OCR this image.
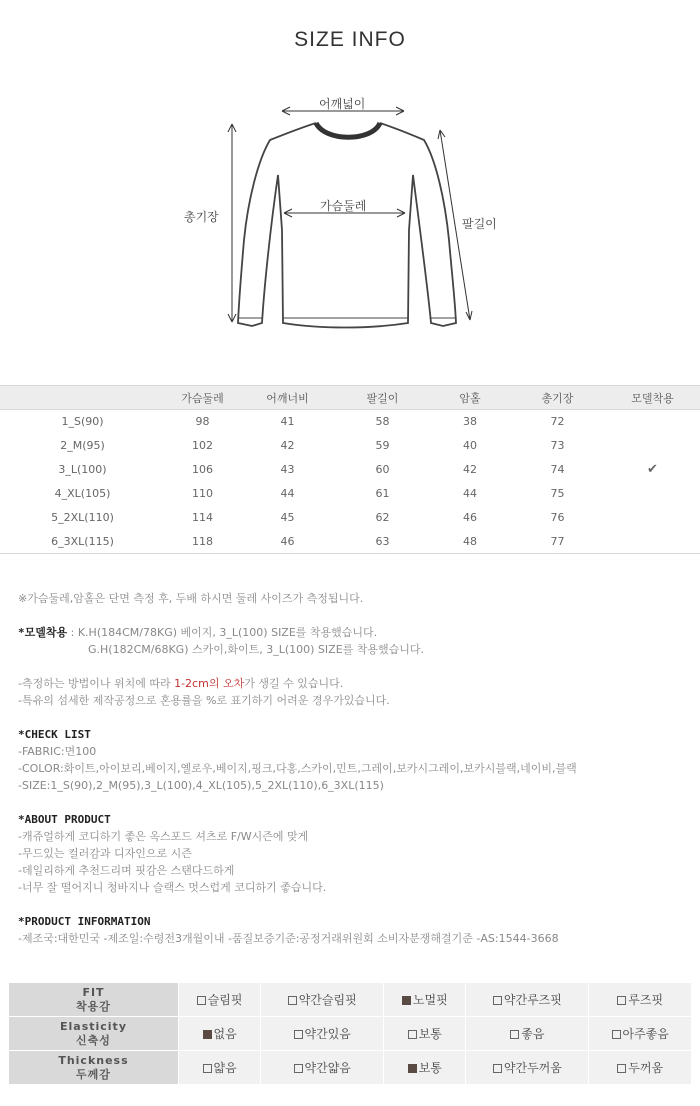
SIZE INFO
어깨넓이
가슴둘레
총기장	팔길이
	가슴둘레	어깨너비	팔길이	암홀	총기장	모델착용
1_S(90)	98	41	58	38	72	
2_M(95)	102	42	59	40	73	
3_L(100)	106	43	60	42	74	✔
4_XL(105)	110	44	61	44	75	
5_2XL(110)	114	45	62	46	76	
6_3XL(115)	118	46	63	48	77	

※가슴둘레,암홀은 단면 측정 후, 두배 하시면 둘레 사이즈가 측정됩니다.

*모델착용 : K.H(184CM/78KG) 베이지, 3_L(100) SIZE를 착용했습니다.

G.H(182CM/68KG) 스카이,화이트, 3_L(100) SIZE를 착용했습니다.

-측정하는 방법이나 위치에 따라 1-2cm의 오차가 생길 수 있습니다.

-특유의 섬세한 제작공정으로 혼용률을 %로 표기하기 어려운 경우가있습니다.

*CHECK LIST

-FABRIC:면100

-COLOR:화이트,아이보리,베이지,옐로우,베이지,핑크,다홍,스카이,민트,그레이,보카시그레이,보카시블랙,네이비,블랙

-SIZE:1_S(90),2_M(95),3_L(100),4_XL(105),5_2XL(110),6_3XL(115)

*ABOUT PRODUCT

-캐쥬얼하게 코디하기 좋은 옥스포드 셔츠로 F/W시즌에 맞게

-무드있는 컬러감과 디자인으로 시즌

-데일리하게 추천드리며 핏감은 스탠다드하게

-너무 잘 떨어지니 청바지나 슬랙스 멋스럽게 코디하기 좋습니다.

*PRODUCT INFORMATION

-제조국:대한민국 -제조일:수령전3개월이내 -품질보증기준:공정거래위원회 소비자분쟁해결기준 -AS:1544-3668

FIT
착용감	슬림핏	약간슬림핏	노멀핏	약간루즈핏	루즈핏
Elasticity
신축성	없음	약간있음	보통	좋음	아주좋음
Thickness
두께감	얇음	약간얇음	보통	약간두꺼움	두꺼움
